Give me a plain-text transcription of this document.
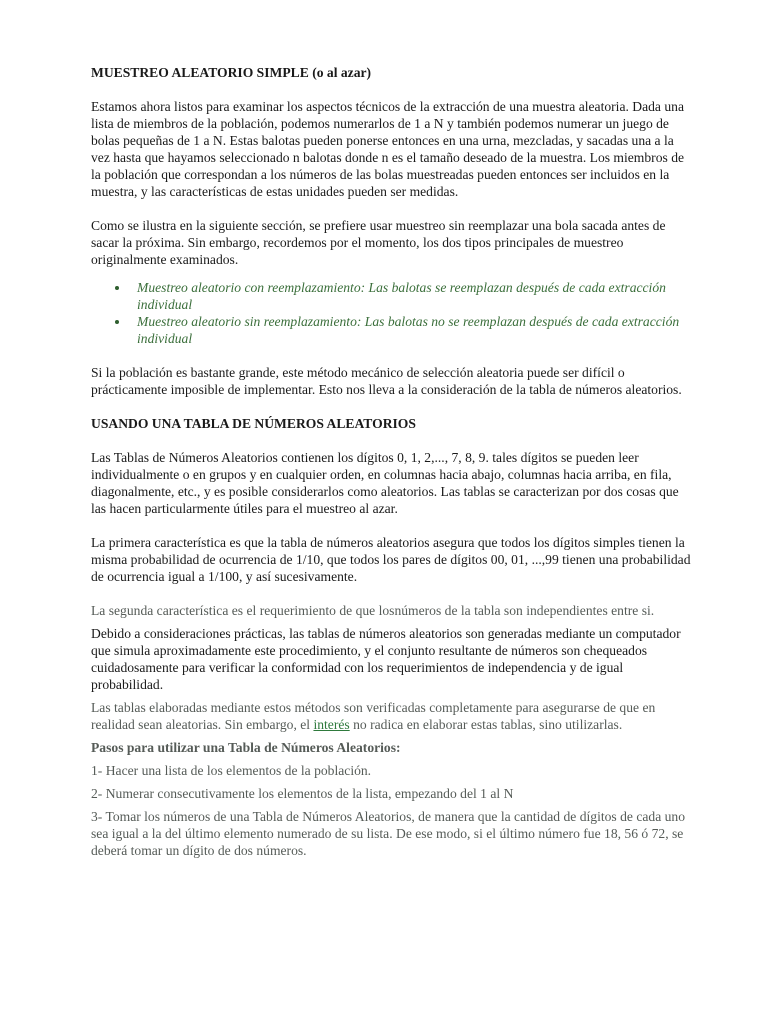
MUESTREO ALEATORIO SIMPLE (o al azar)

Estamos ahora listos para examinar los aspectos técnicos de la extracción de una muestra aleatoria. Dada una lista de miembros de la población, podemos numerarlos de 1 a N y también podemos numerar un juego de bolas pequeñas de 1 a N. Estas balotas pueden ponerse entonces en una urna, mezcladas, y sacadas una a la vez hasta que hayamos seleccionado n balotas donde n es el tamaño deseado de la muestra. Los miembros de la población que correspondan a los números de las bolas muestreadas pueden entonces ser incluidos en la muestra, y las características de estas unidades pueden ser medidas.

Como se ilustra en la siguiente sección, se prefiere usar muestreo sin reemplazar una bola sacada antes de sacar la próxima. Sin embargo, recordemos por el momento, los dos tipos principales de muestreo originalmente examinados.

Muestreo aleatorio con reemplazamiento: Las balotas se reemplazan después de cada extracción individual
Muestreo aleatorio sin reemplazamiento: Las balotas no se reemplazan después de cada extracción individual

Si la población es bastante grande, este método mecánico de selección aleatoria puede ser difícil o prácticamente imposible de implementar. Esto nos lleva a la consideración de la tabla de números aleatorios.

USANDO UNA TABLA DE NÚMEROS ALEATORIOS

Las Tablas de Números Aleatorios contienen los dígitos 0, 1, 2,..., 7, 8, 9. tales dígitos se pueden leer individualmente o en grupos y en cualquier orden, en columnas hacia abajo, columnas hacia arriba, en fila, diagonalmente, etc., y es posible considerarlos como aleatorios. Las tablas se caracterizan por dos cosas que las hacen particularmente útiles para el muestreo al azar.

La primera característica es que la tabla de números aleatorios asegura que todos los dígitos simples tienen la misma probabilidad de ocurrencia de 1/10, que todos los pares de dígitos 00, 01, ...,99 tienen una probabilidad de ocurrencia igual a 1/100, y así sucesivamente.

La segunda característica es el requerimiento de que losnúmeros de la tabla son independientes entre si.

Debido a consideraciones prácticas, las tablas de números aleatorios son generadas mediante un computador que simula aproximadamente este procedimiento, y el conjunto resultante de números son chequeados cuidadosamente para verificar la conformidad con los requerimientos de independencia y de igual probabilidad.

Las tablas elaboradas mediante estos métodos son verificadas completamente para asegurarse de que en realidad sean aleatorias. Sin embargo, el interés no radica en elaborar estas tablas, sino utilizarlas.

Pasos para utilizar una Tabla de Números Aleatorios:

1- Hacer una lista de los elementos de la población.

2- Numerar consecutivamente los elementos de la lista, empezando del 1 al N

3- Tomar los números de una Tabla de Números Aleatorios, de manera que la cantidad de dígitos de cada uno sea igual a la del último elemento numerado de su lista. De ese modo, si el último número fue 18, 56 ó 72, se deberá tomar un dígito de dos números.
